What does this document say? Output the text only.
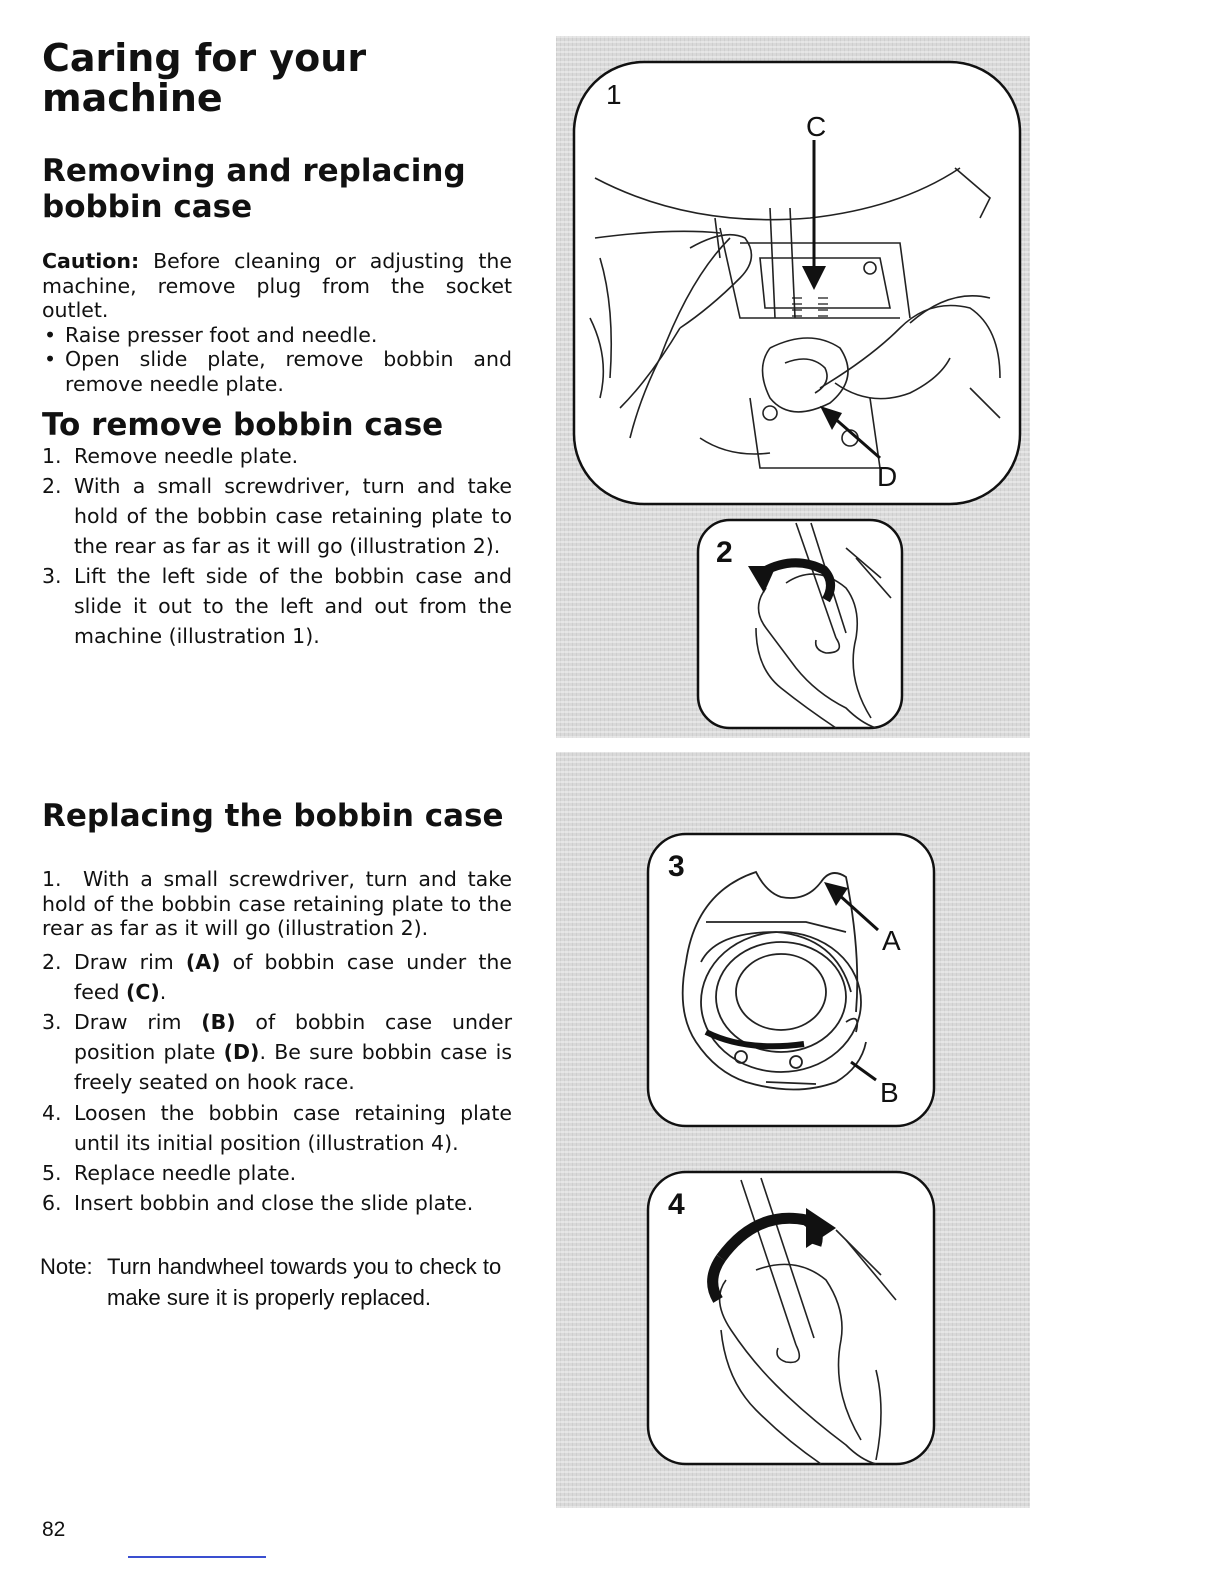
Caring for your machine
Removing and replacing bobbin case

Caution: Before cleaning or adjusting the machine, remove plug from the socket outlet.

• Raise presser foot and needle.
• Open slide plate, remove bobbin and remove needle plate.
To remove bobbin case
1. Remove needle plate.
2. With a small screwdriver, turn and take hold of the bobbin case retaining plate to the rear as far as it will go (illustration 2).
3. Lift the left side of the bobbin case and slide it out to the left and out from the machine (illustration 1).
Replacing the bobbin case

1. With a small screwdriver, turn and take hold of the bobbin case retaining plate to the rear as far as it will go (illustration 2).

2. Draw rim (A) of bobbin case under the feed (C).
3. Draw rim (B) of bobbin case under position plate (D). Be sure bobbin case is freely seated on hook race.
4. Loosen the bobbin case retaining plate until its initial position (illustration 4).
5. Replace needle plate.
6. Insert bobbin and close the slide plate.
Note: Turn handwheel towards you to check to make sure it is properly replaced.
82
1
C
D
2
3
A
B
4
